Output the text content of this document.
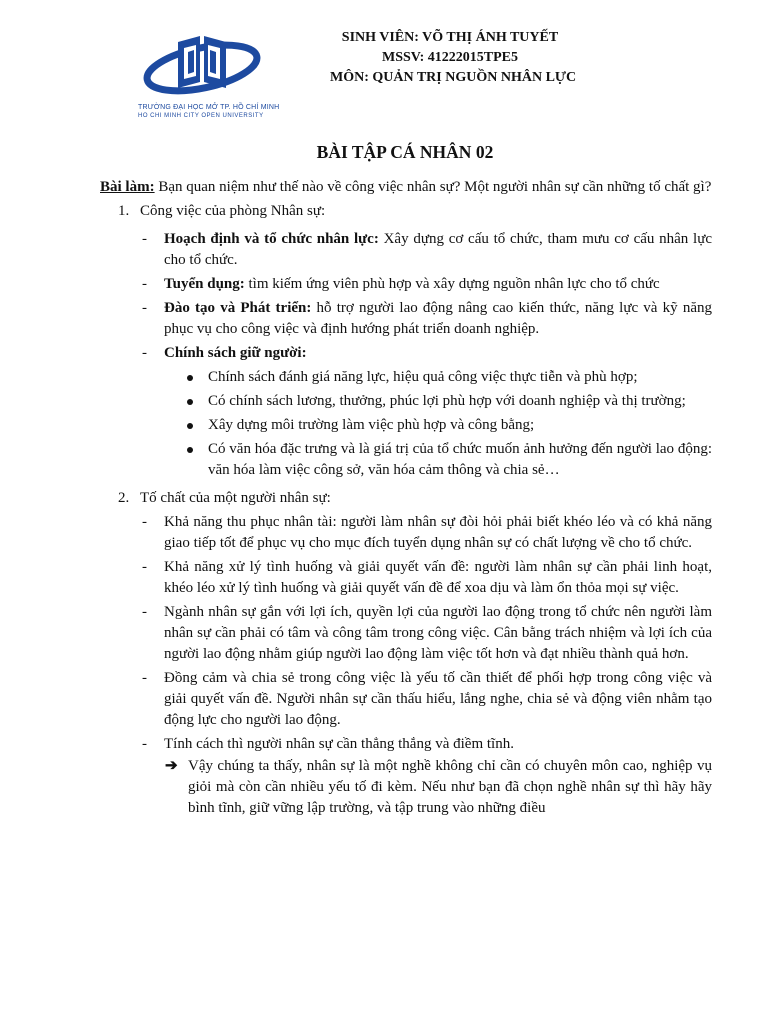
TRƯỜNG ĐẠI HỌC MỞ TP. HỒ CHÍ MINH
HO CHI MINH CITY OPEN UNIVERSITY
SINH VIÊN: VÕ THỊ ÁNH TUYẾT
MSSV: 41222015TPE5
MÔN: QUẢN TRỊ NGUỒN NHÂN LỰC
BÀI TẬP CÁ NHÂN 02
Bài làm: Bạn quan niệm như thế nào về công việc nhân sự? Một người nhân sự cần những tố chất gì?
1. Công việc của phòng Nhân sự:
- Hoạch định và tổ chức nhân lực: Xây dựng cơ cấu tổ chức, tham mưu cơ cấu nhân lực cho tổ chức.
- Tuyển dụng: tìm kiếm ứng viên phù hợp và xây dựng nguồn nhân lực cho tổ chức
- Đào tạo và Phát triển: hỗ trợ người lao động nâng cao kiến thức, năng lực và kỹ năng phục vụ cho công việc và định hướng phát triển doanh nghiệp.
- Chính sách giữ người:
Chính sách đánh giá năng lực, hiệu quả công việc thực tiễn và phù hợp;
Có chính sách lương, thưởng, phúc lợi phù hợp với doanh nghiệp và thị trường;
Xây dựng môi trường làm việc phù hợp và công bằng;
Có văn hóa đặc trưng và là giá trị của tổ chức muốn ảnh hưởng đến người lao động: văn hóa làm việc công sở, văn hóa cảm thông và chia sẻ…
2. Tố chất của một người nhân sự:
- Khả năng thu phục nhân tài: người làm nhân sự đòi hỏi phải biết khéo léo và có khả năng giao tiếp tốt để phục vụ cho mục đích tuyển dụng nhân sự có chất lượng về cho tổ chức.
- Khả năng xử lý tình huống và giải quyết vấn đề: người làm nhân sự cần phải linh hoạt, khéo léo xử lý tình huống và giải quyết vấn đề để xoa dịu và làm ổn thỏa mọi sự việc.
- Ngành nhân sự gắn với lợi ích, quyền lợi của người lao động trong tổ chức nên người làm nhân sự cần phải có tâm và công tâm trong công việc. Cân bằng trách nhiệm và lợi ích của người lao động nhằm giúp người lao động làm việc tốt hơn và đạt nhiều thành quả hơn.
- Đồng cảm và chia sẻ trong công việc là yếu tố cần thiết để phối hợp trong công việc và giải quyết vấn đề. Người nhân sự cần thấu hiểu, lắng nghe, chia sẻ và động viên nhằm tạo động lực cho người lao động.
- Tính cách thì người nhân sự cần thẳng thắng và điềm tĩnh.
➔ Vậy chúng ta thấy, nhân sự là một nghề không chỉ cần có chuyên môn cao, nghiệp vụ giỏi mà còn cần nhiều yếu tố đi kèm. Nếu như bạn đã chọn nghề nhân sự thì hãy hãy bình tĩnh, giữ vững lập trường, và tập trung vào những điều
